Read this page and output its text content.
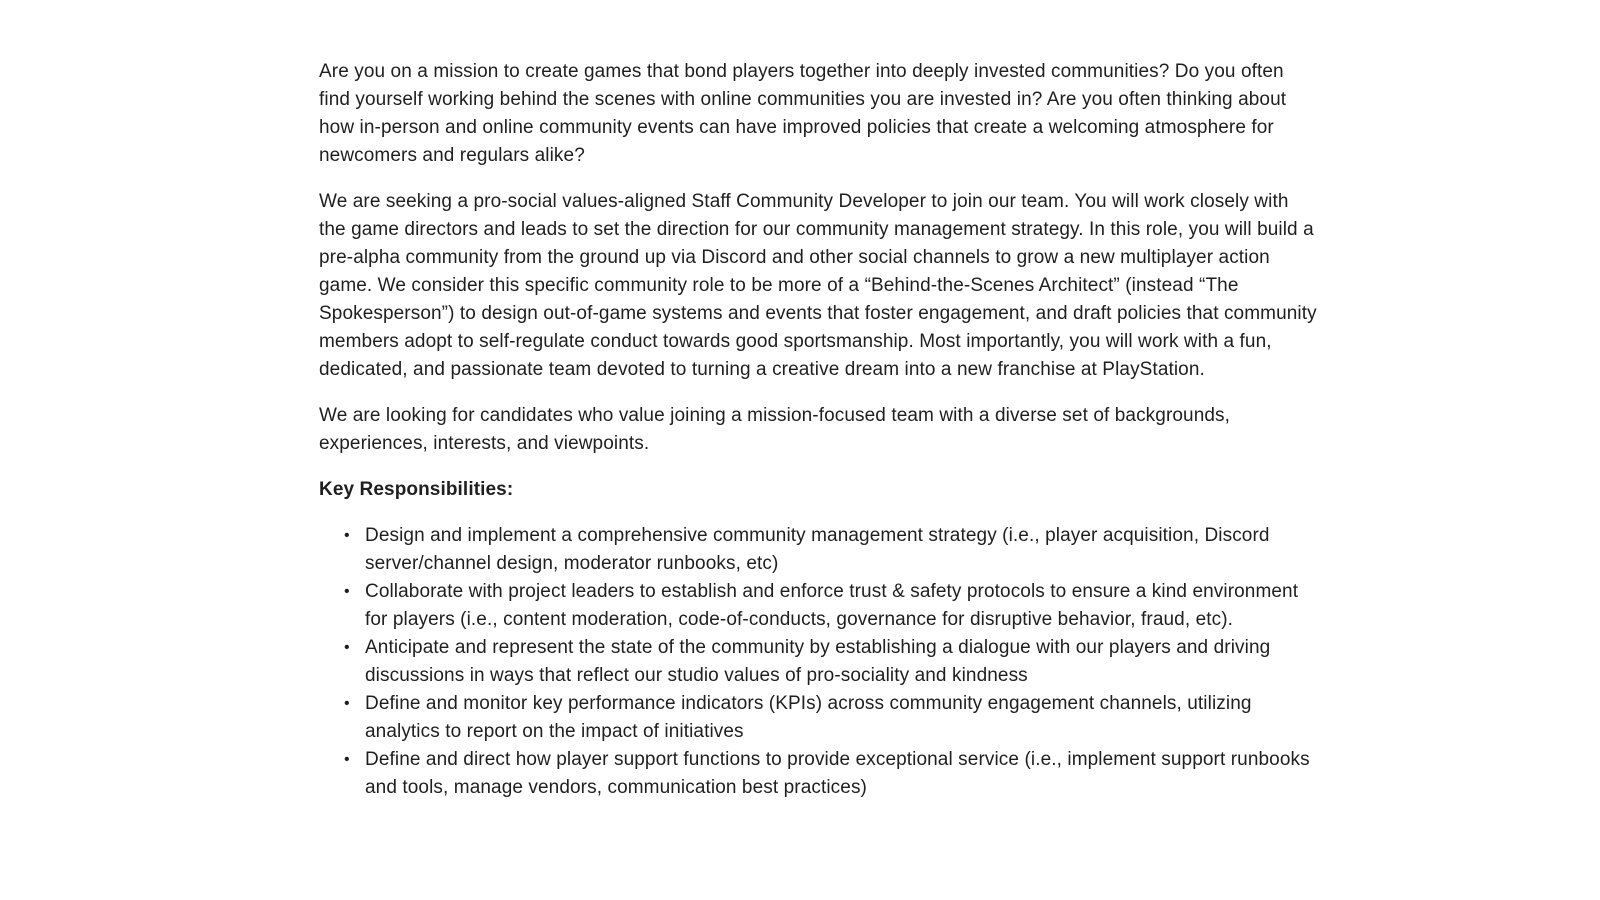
Are you on a mission to create games that bond players together into deeply invested communities? Do you often find yourself working behind the scenes with online communities you are invested in? Are you often thinking about how in-person and online community events can have improved policies that create a welcoming atmosphere for newcomers and regulars alike?

We are seeking a pro-social values-aligned Staff Community Developer to join our team. You will work closely with the game directors and leads to set the direction for our community management strategy. In this role, you will build a pre-alpha community from the ground up via Discord and other social channels to grow a new multiplayer action game. We consider this specific community role to be more of a “Behind-the-Scenes Architect” (instead “The Spokesperson”) to design out-of-game systems and events that foster engagement, and draft policies that community members adopt to self-regulate conduct towards good sportsmanship. Most importantly, you will work with a fun, dedicated, and passionate team devoted to turning a creative dream into a new franchise at PlayStation.

We are looking for candidates who value joining a mission-focused team with a diverse set of backgrounds, experiences, interests, and viewpoints.

Key Responsibilities:

• Design and implement a comprehensive community management strategy (i.e., player acquisition, Discord server/channel design, moderator runbooks, etc)
• Collaborate with project leaders to establish and enforce trust & safety protocols to ensure a kind environment for players (i.e., content moderation, code-of-conducts, governance for disruptive behavior, fraud, etc).
• Anticipate and represent the state of the community by establishing a dialogue with our players and driving discussions in ways that reflect our studio values of pro-sociality and kindness
• Define and monitor key performance indicators (KPIs) across community engagement channels, utilizing analytics to report on the impact of initiatives
• Define and direct how player support functions to provide exceptional service (i.e., implement support runbooks and tools, manage vendors, communication best practices)
